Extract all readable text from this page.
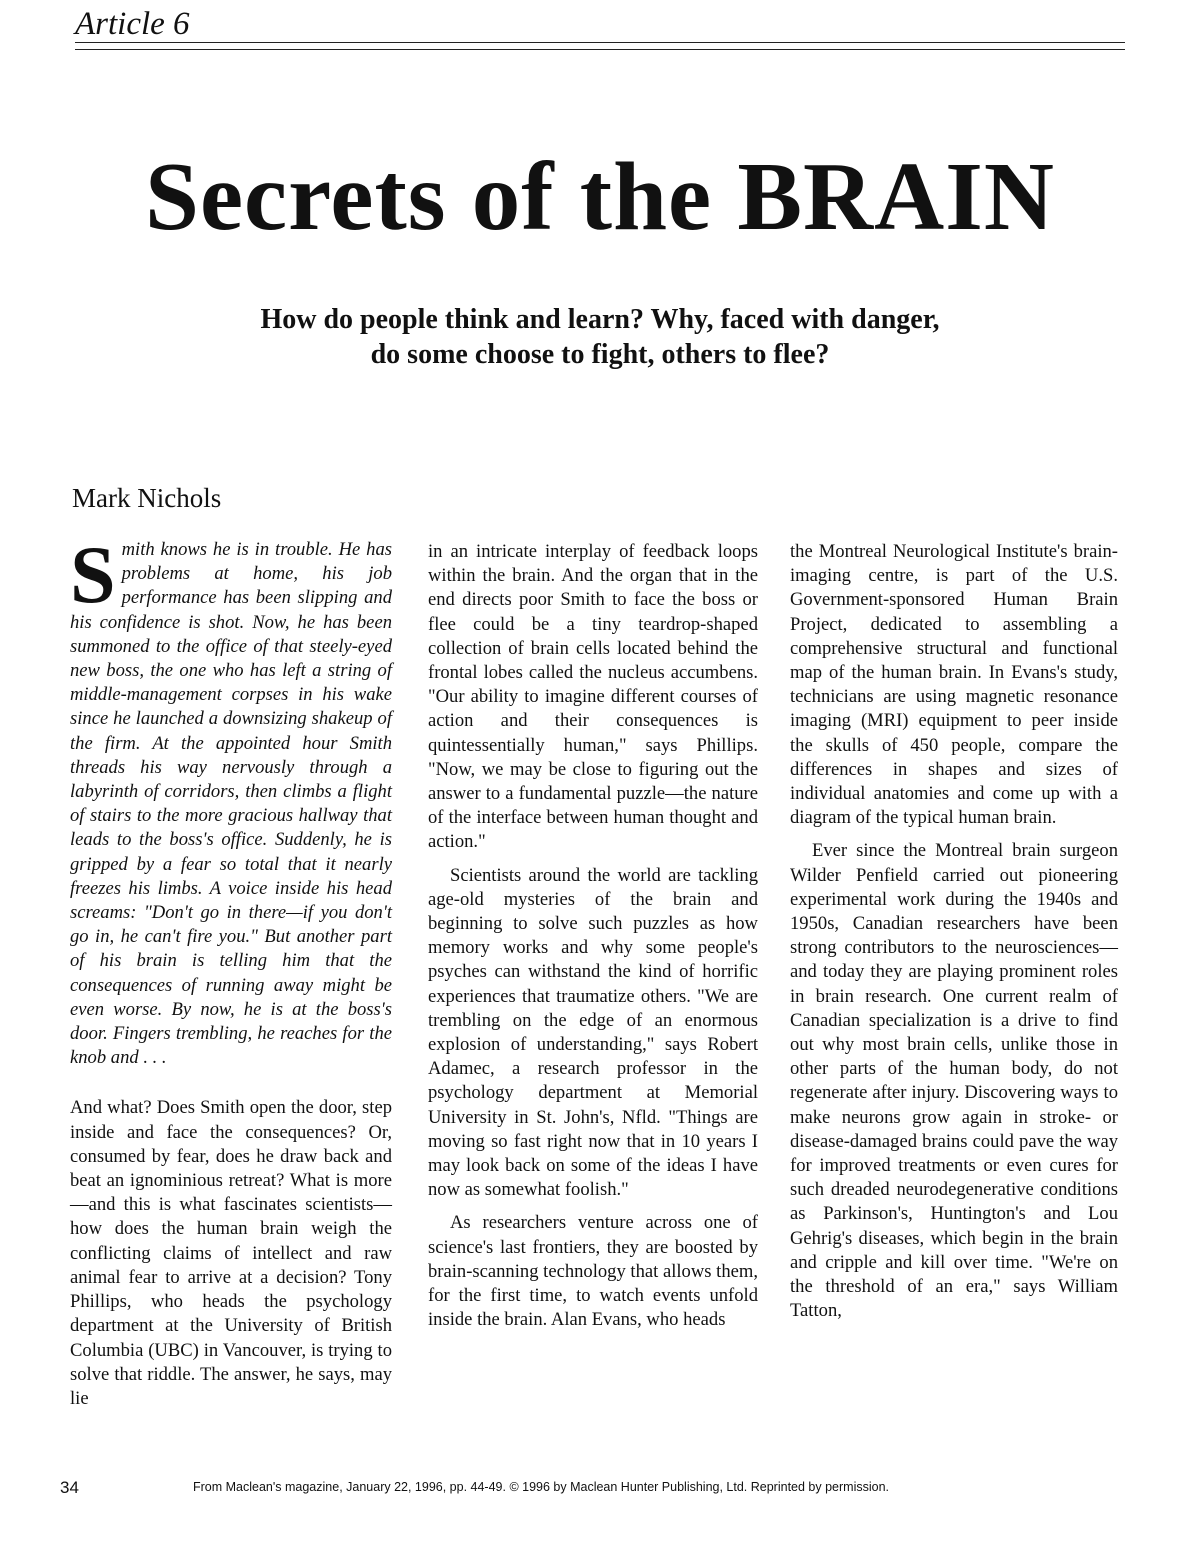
Article 6
Secrets of the BRAIN
How do people think and learn? Why, faced with danger,
do some choose to fight, others to flee?
Mark Nichols

Smith knows he is in trouble. He has problems at home, his job performance has been slipping and his confidence is shot. Now, he has been summoned to the office of that steely-eyed new boss, the one who has left a string of middle-management corpses in his wake since he launched a downsizing shakeup of the firm. At the appointed hour Smith threads his way nervously through a labyrinth of corridors, then climbs a flight of stairs to the more gracious hallway that leads to the boss's office. Suddenly, he is gripped by a fear so total that it nearly freezes his limbs. A voice inside his head screams: "Don't go in there—if you don't go in, he can't fire you." But another part of his brain is telling him that the consequences of running away might be even worse. By now, he is at the boss's door. Fingers trembling, he reaches for the knob and . . .

And what? Does Smith open the door, step inside and face the consequences? Or, consumed by fear, does he draw back and beat an ignominious retreat? What is more—and this is what fascinates scientists—how does the human brain weigh the conflicting claims of intellect and raw animal fear to arrive at a decision? Tony Phillips, who heads the psychology department at the University of British Columbia (UBC) in Vancouver, is trying to solve that riddle. The answer, he says, may lie

in an intricate interplay of feedback loops within the brain. And the organ that in the end directs poor Smith to face the boss or flee could be a tiny teardrop-shaped collection of brain cells located behind the frontal lobes called the nucleus accumbens. "Our ability to imagine different courses of action and their consequences is quintessentially human," says Phillips. "Now, we may be close to figuring out the answer to a fundamental puzzle—the nature of the interface between human thought and action."

Scientists around the world are tackling age-old mysteries of the brain and beginning to solve such puzzles as how memory works and why some people's psyches can withstand the kind of horrific experiences that traumatize others. "We are trembling on the edge of an enormous explosion of understanding," says Robert Adamec, a research professor in the psychology department at Memorial University in St. John's, Nfld. "Things are moving so fast right now that in 10 years I may look back on some of the ideas I have now as somewhat foolish."

As researchers venture across one of science's last frontiers, they are boosted by brain-scanning technology that allows them, for the first time, to watch events unfold inside the brain. Alan Evans, who heads

the Montreal Neurological Institute's brain-imaging centre, is part of the U.S. Government-sponsored Human Brain Project, dedicated to assembling a comprehensive structural and functional map of the human brain. In Evans's study, technicians are using magnetic resonance imaging (MRI) equipment to peer inside the skulls of 450 people, compare the differences in shapes and sizes of individual anatomies and come up with a diagram of the typical human brain.

Ever since the Montreal brain surgeon Wilder Penfield carried out pioneering experimental work during the 1940s and 1950s, Canadian researchers have been strong contributors to the neurosciences—and today they are playing prominent roles in brain research. One current realm of Canadian specialization is a drive to find out why most brain cells, unlike those in other parts of the human body, do not regenerate after injury. Discovering ways to make neurons grow again in stroke- or disease-damaged brains could pave the way for improved treatments or even cures for such dreaded neurodegenerative conditions as Parkinson's, Huntington's and Lou Gehrig's diseases, which begin in the brain and cripple and kill over time. "We're on the threshold of an era," says William Tatton,

34	From Maclean's magazine, January 22, 1996, pp. 44-49. © 1996 by Maclean Hunter Publishing, Ltd. Reprinted by permission.
